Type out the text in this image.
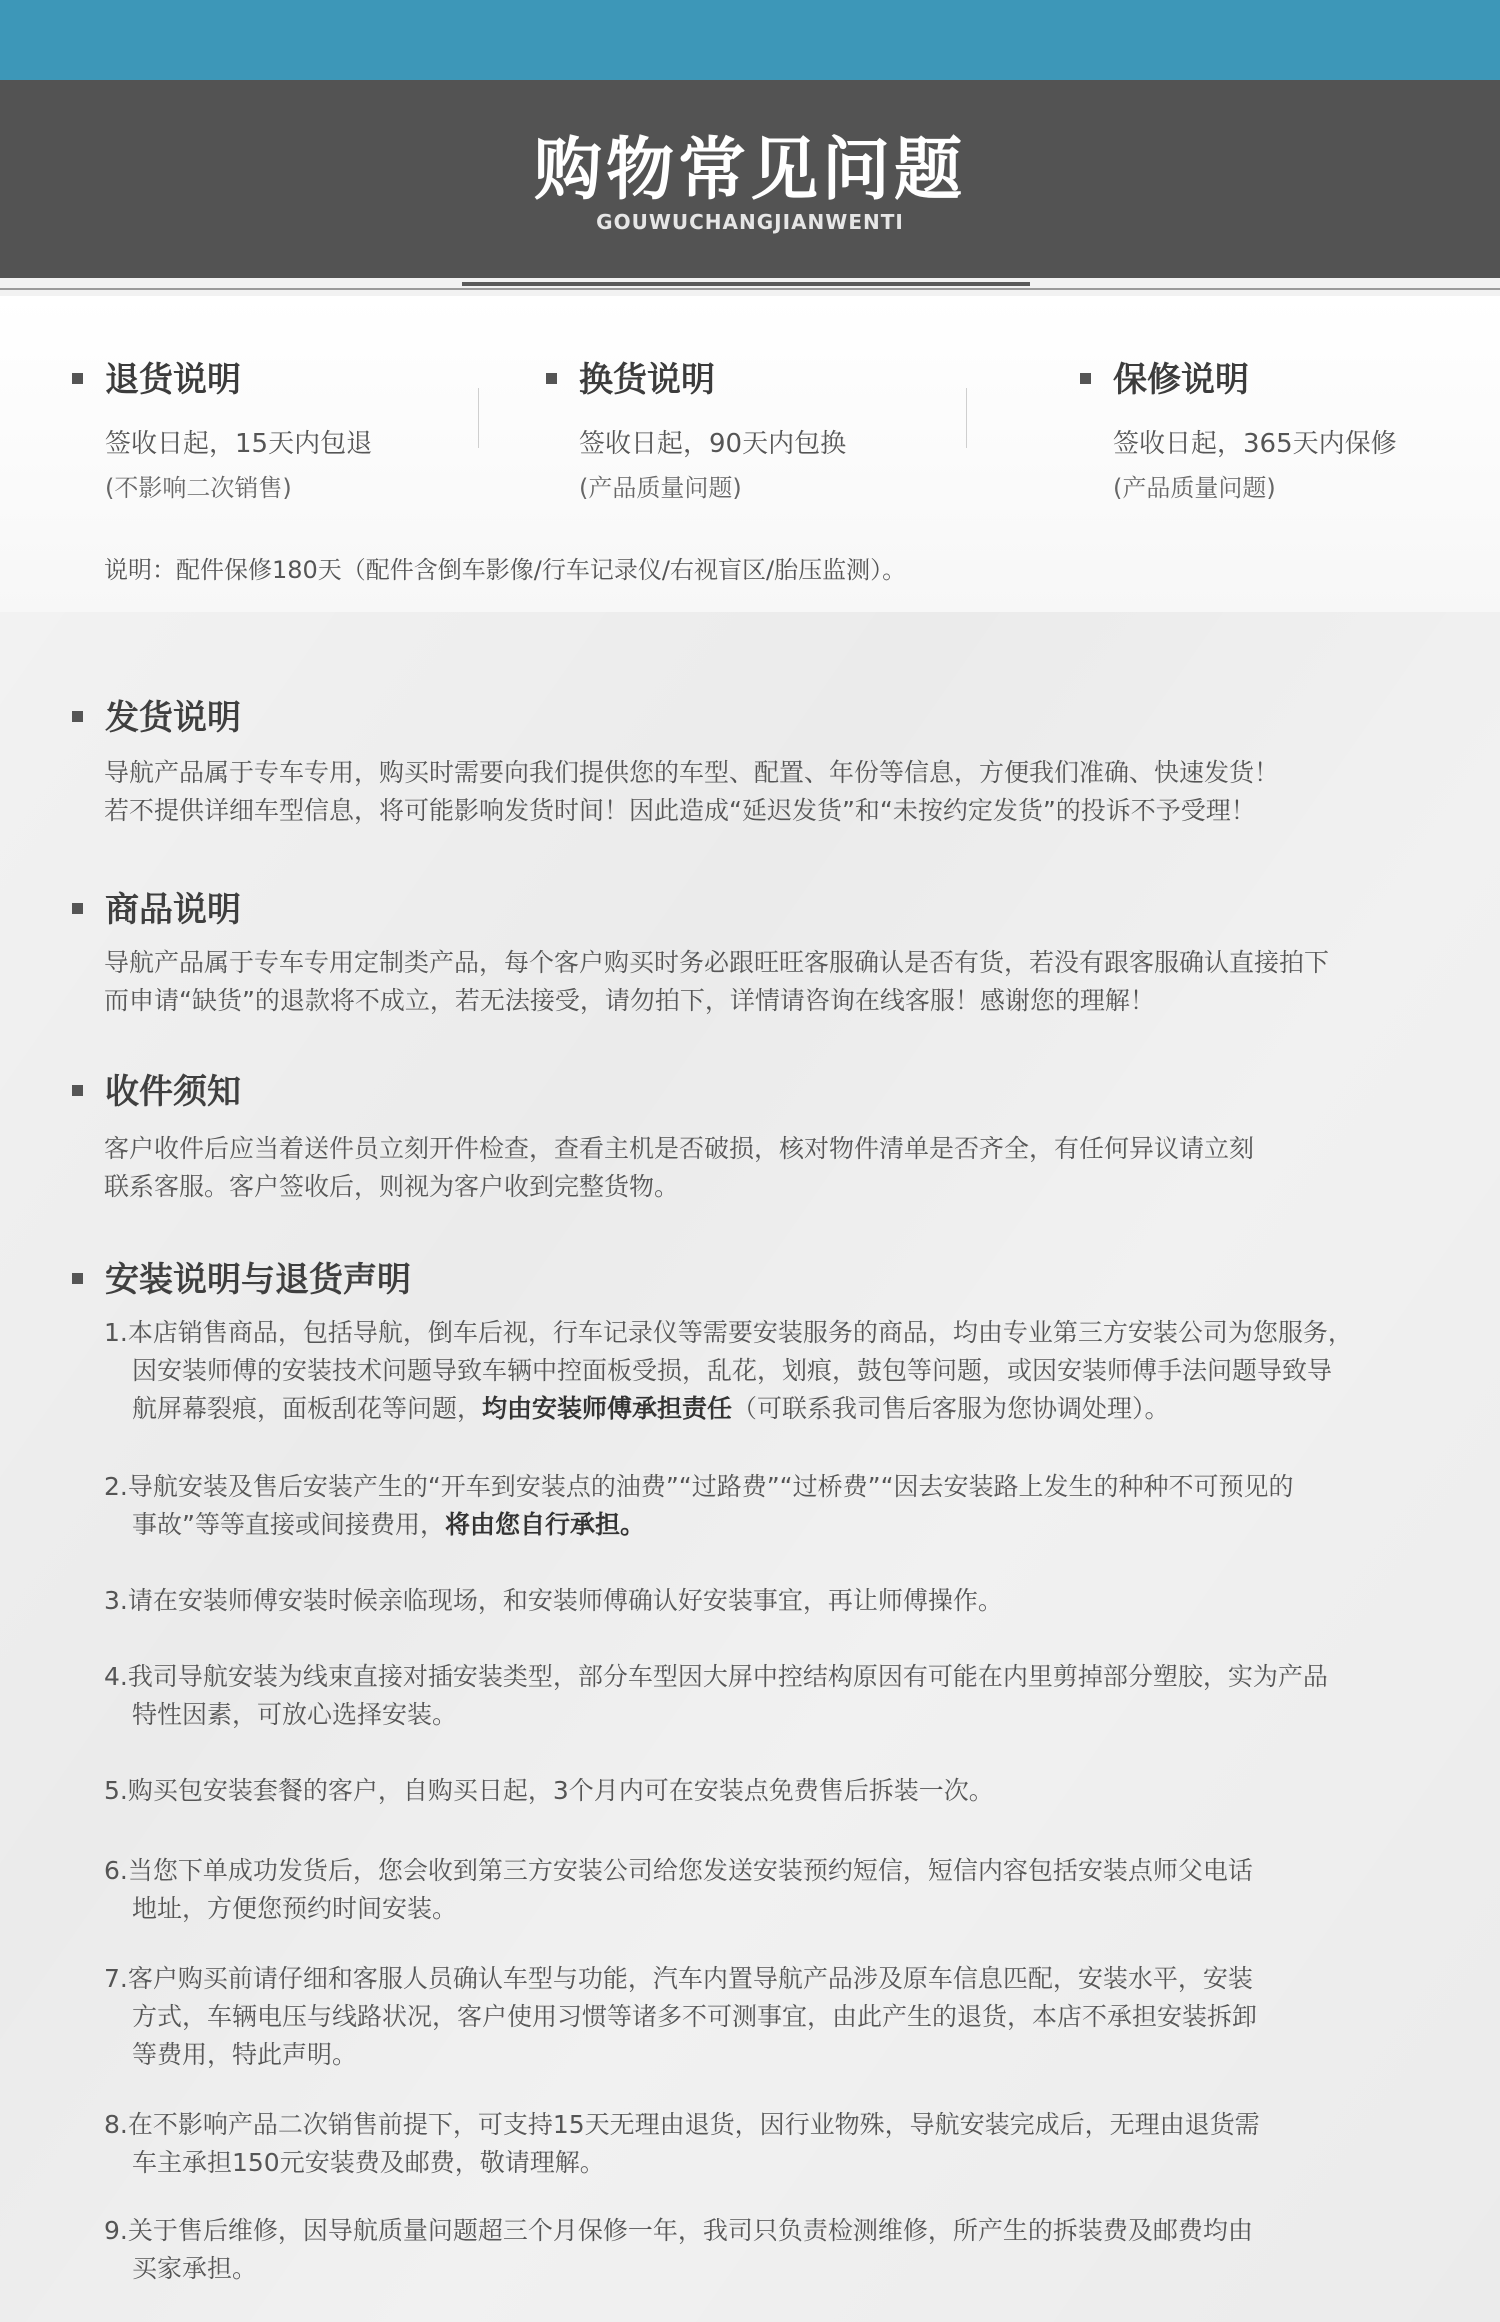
购物常见问题
GOUWUCHANGJIANWENTI
退货说明
签收日起，15天内包退
(不影响二次销售)
换货说明
签收日起，90天内包换
(产品质量问题)
保修说明
签收日起，365天内保修
(产品质量问题)
说明：配件保修180天（配件含倒车影像/行车记录仪/右视盲区/胎压监测）。
发货说明
导航产品属于专车专用，购买时需要向我们提供您的车型、配置、年份等信息，方便我们准确、快速发货！
若不提供详细车型信息，将可能影响发货时间！因此造成“延迟发货”和“未按约定发货”的投诉不予受理！
商品说明
导航产品属于专车专用定制类产品，每个客户购买时务必跟旺旺客服确认是否有货，若没有跟客服确认直接拍下
而申请“缺货”的退款将不成立，若无法接受，请勿拍下，详情请咨询在线客服！感谢您的理解！
收件须知
客户收件后应当着送件员立刻开件检查，查看主机是否破损，核对物件清单是否齐全，有任何异议请立刻
联系客服。客户签收后，则视为客户收到完整货物。
安装说明与退货声明
1.本店销售商品，包括导航，倒车后视，行车记录仪等需要安装服务的商品，均由专业第三方安装公司为您服务，
因安装师傅的安装技术问题导致车辆中控面板受损，乱花，划痕，鼓包等问题，或因安装师傅手法问题导致导
航屏幕裂痕，面板刮花等问题，均由安装师傅承担责任（可联系我司售后客服为您协调处理）。
2.导航安装及售后安装产生的“开车到安装点的油费”“过路费”“过桥费”“因去安装路上发生的种种不可预见的
事故”等等直接或间接费用，将由您自行承担。
3.请在安装师傅安装时候亲临现场，和安装师傅确认好安装事宜，再让师傅操作。
4.我司导航安装为线束直接对插安装类型，部分车型因大屏中控结构原因有可能在内里剪掉部分塑胶，实为产品
特性因素，可放心选择安装。
5.购买包安装套餐的客户，自购买日起，3个月内可在安装点免费售后拆装一次。
6.当您下单成功发货后，您会收到第三方安装公司给您发送安装预约短信，短信内容包括安装点师父电话
地址，方便您预约时间安装。
7.客户购买前请仔细和客服人员确认车型与功能，汽车内置导航产品涉及原车信息匹配，安装水平，安装
方式，车辆电压与线路状况，客户使用习惯等诸多不可测事宜，由此产生的退货，本店不承担安装拆卸
等费用，特此声明。
8.在不影响产品二次销售前提下，可支持15天无理由退货，因行业物殊，导航安装完成后，无理由退货需
车主承担150元安装费及邮费，敬请理解。
9.关于售后维修，因导航质量问题超三个月保修一年，我司只负责检测维修，所产生的拆装费及邮费均由
买家承担。
